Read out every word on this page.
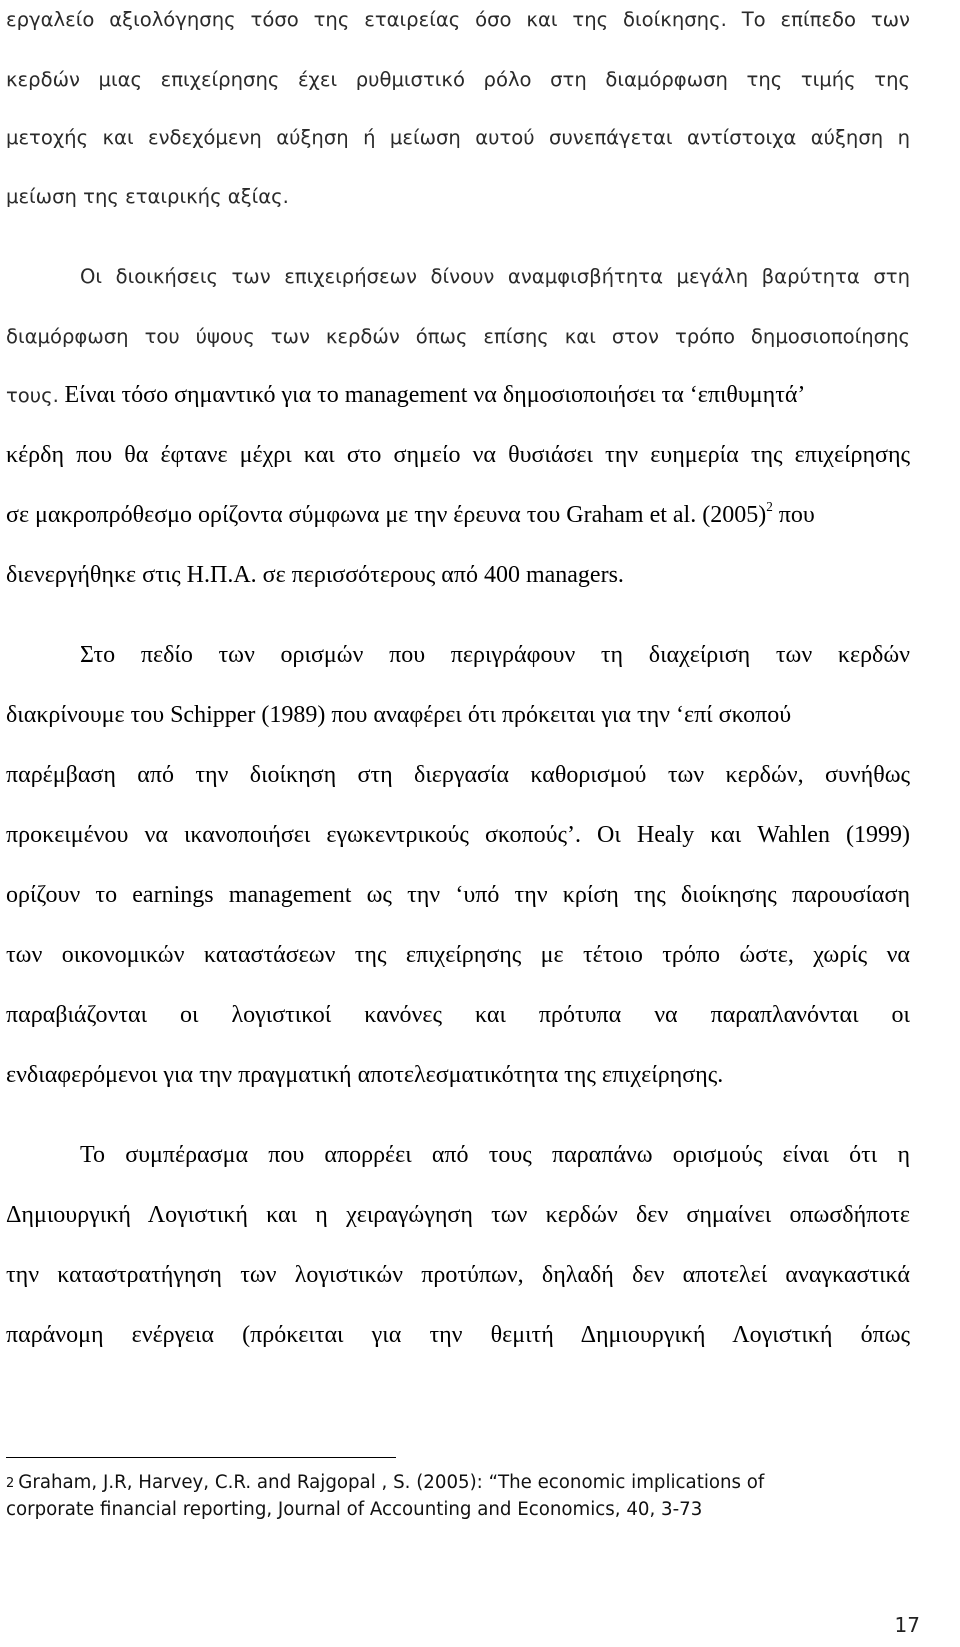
εργαλείο αξιολόγησης τόσο της εταιρείας όσο και της διοίκησης. Το επίπεδο των
κερδών μιας επιχείρησης έχει ρυθμιστικό ρόλο στη διαμόρφωση της τιμής της
μετοχής και ενδεχόμενη αύξηση ή μείωση αυτού συνεπάγεται αντίστοιχα αύξηση η
μείωση της εταιρικής αξίας.
Οι διοικήσεις των επιχειρήσεων δίνουν αναμφισβήτητα μεγάλη βαρύτητα στη
διαμόρφωση του ύψους των κερδών όπως επίσης και στον τρόπο δημοσιοποίησης
τους. Είναι τόσο σημαντικό για το management να δημοσιοποιήσει τα ‘επιθυμητά’
κέρδη που θα έφτανε μέχρι και στο σημείο να θυσιάσει την ευημερία της επιχείρησης
σε μακροπρόθεσμο ορίζοντα σύμφωνα με την έρευνα του Graham et al. $(2005)^2$ που
διενεργήθηκε στις Η.Π.Α. σε περισσότερους από 400 managers.
Στο πεδίο των ορισμών που περιγράφουν τη διαχείριση των κερδών
διακρίνουμε του Schipper (1989) που αναφέρει ότι πρόκειται για την ‘επί σκοπού
παρέμβαση από την διοίκηση στη διεργασία καθορισμού των κερδών, συνήθως
προκειμένου να ικανοποιήσει εγωκεντρικούς σκοπούς’. Οι Healy και Wahlen (1999)
ορίζουν το earnings management ως την ‘υπό την κρίση της διοίκησης παρουσίαση
των οικονομικών καταστάσεων της επιχείρησης με τέτοιο τρόπο ώστε, χωρίς να
παραβιάζονται οι λογιστικοί κανόνες και πρότυπα να παραπλανόνται οι
ενδιαφερόμενοι για την πραγματική αποτελεσματικότητα της επιχείρησης.
Το συμπέρασμα που απορρέει από τους παραπάνω ορισμούς είναι ότι η
Δημιουργική Λογιστική και η χειραγώγηση των κερδών δεν σημαίνει οπωσδήποτε
την καταστρατήγηση των λογιστικών προτύπων, δηλαδή δεν αποτελεί αναγκαστικά
παράνομη ενέργεια (πρόκειται για την θεμιτή Δημιουργική Λογιστική όπως
2 Graham, J.R, Harvey, C.R. and Rajgopal , S. (2005): “The economic implications of
corporate financial reporting, Journal of Accounting and Economics, 40, 3-73
17
